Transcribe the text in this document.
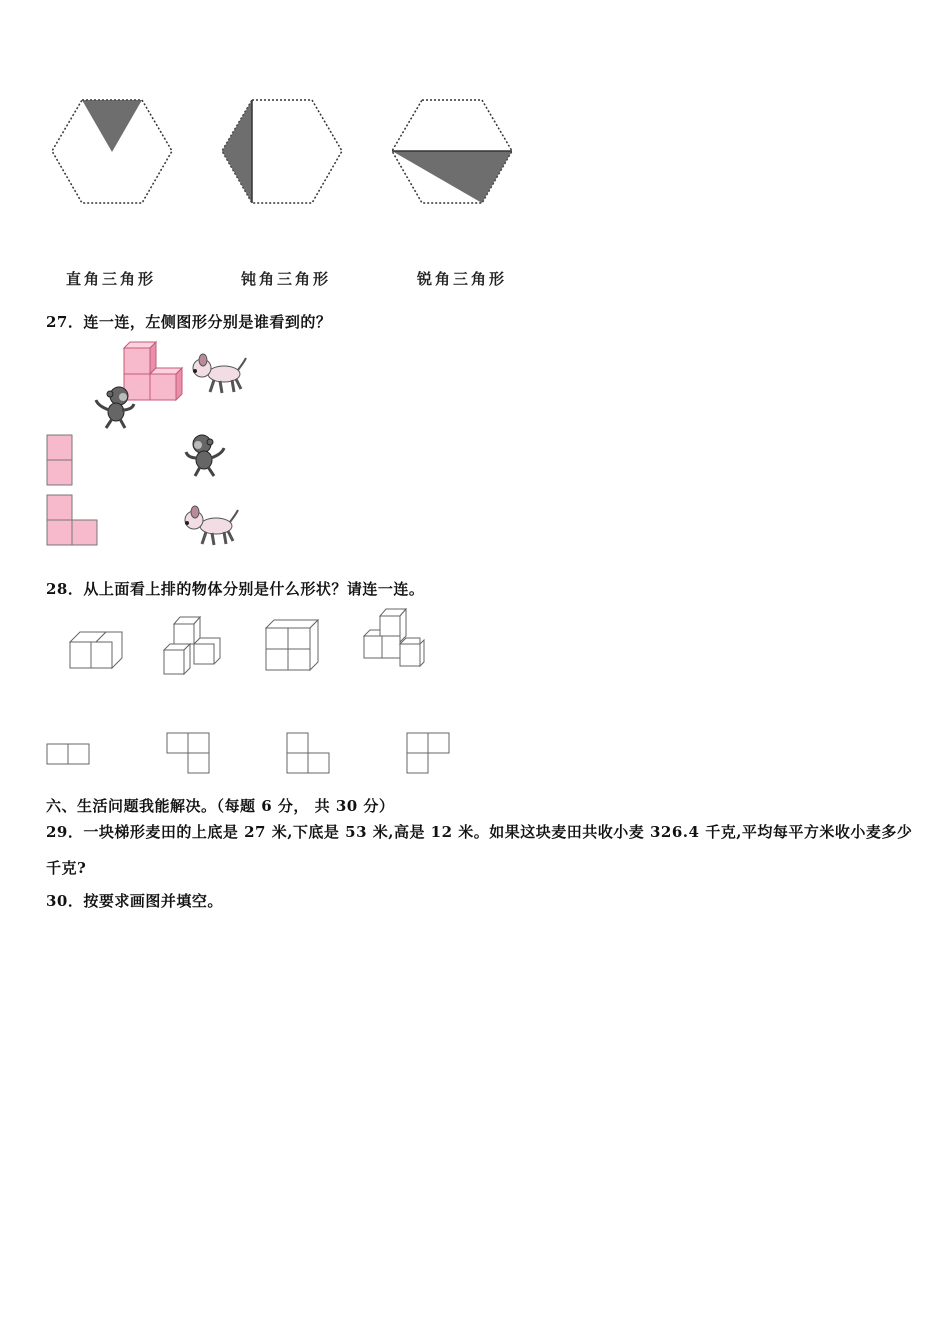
直角三角形	钝角三角形	锐角三角形
27．连一连，左侧图形分别是谁看到的？
28．从上面看上排的物体分别是什么形状？请连一连。
六、生活问题我能解决。（每题 6 分， 共 30 分）
29．一块梯形麦田的上底是 27 米,下底是 53 米,高是 12 米。如果这块麦田共收小麦 326.4 千克,平均每平方米收小麦多少
千克?
30．按要求画图并填空。
